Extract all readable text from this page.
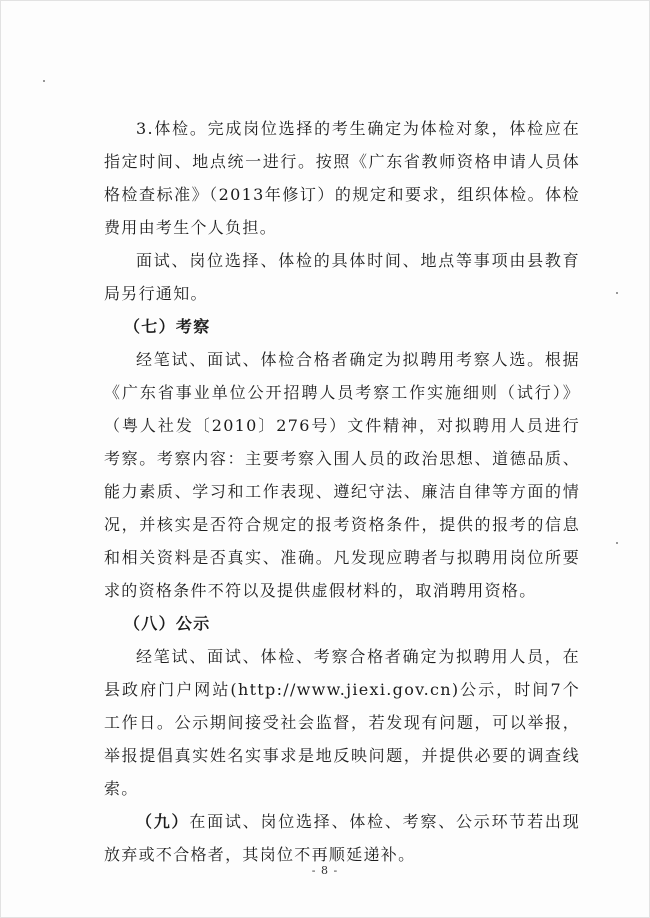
3.体检。完成岗位选择的考生确定为体检对象，体检应在指定时间、地点统一进行。按照《广东省教师资格申请人员体格检查标准》（2013年修订）的规定和要求，组织体检。体检费用由考生个人负担。

面试、岗位选择、体检的具体时间、地点等事项由县教育局另行通知。

（七）考察

经笔试、面试、体检合格者确定为拟聘用考察人选。根据《广东省事业单位公开招聘人员考察工作实施细则（试行）》（粤人社发〔2010〕276号）文件精神，对拟聘用人员进行考察。考察内容：主要考察入围人员的政治思想、道德品质、能力素质、学习和工作表现、遵纪守法、廉洁自律等方面的情况，并核实是否符合规定的报考资格条件，提供的报考的信息和相关资料是否真实、准确。凡发现应聘者与拟聘用岗位所要求的资格条件不符以及提供虚假材料的，取消聘用资格。

（八）公示

经笔试、面试、体检、考察合格者确定为拟聘用人员，在县政府门户网站(http://www.jiexi.gov.cn)公示，时间7个工作日。公示期间接受社会监督，若发现有问题，可以举报，举报提倡真实姓名实事求是地反映问题，并提供必要的调查线索。

（九）在面试、岗位选择、体检、考察、公示环节若出现放弃或不合格者，其岗位不再顺延递补。

- 8 -
